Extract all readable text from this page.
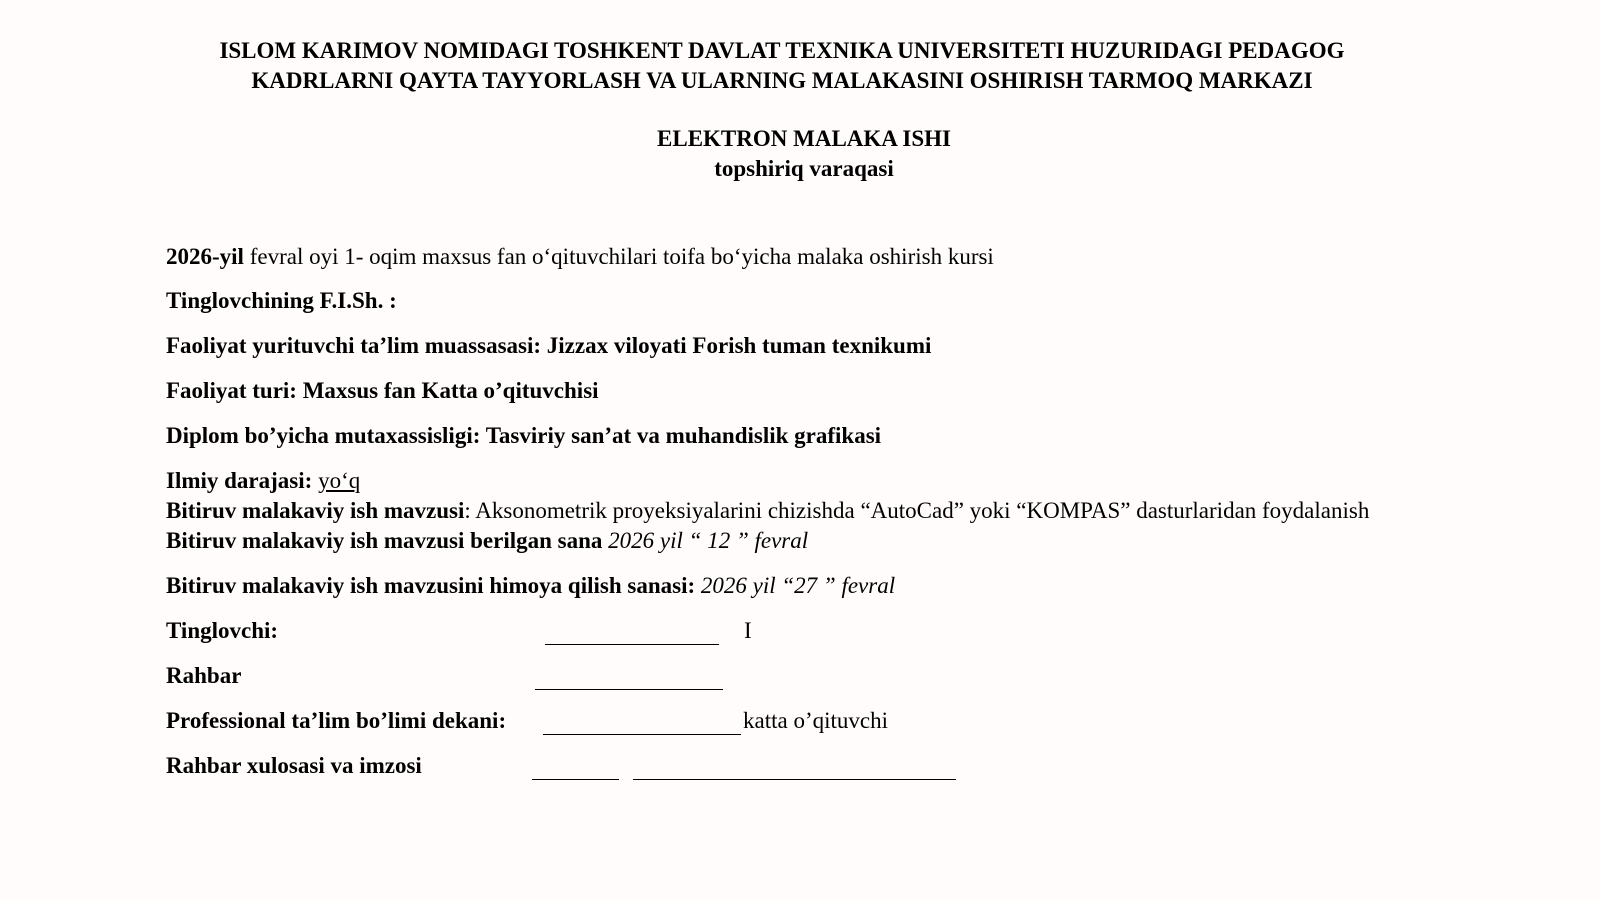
ISLOM KARIMOV NOMIDAGI TOSHKENT DAVLAT TEXNIKA UNIVERSITETI HUZURIDAGI PEDAGOG
KADRLARNI QAYTA TAYYORLASH VA ULARNING MALAKASINI OSHIRISH TARMOQ MARKAZI
ELEKTRON MALAKA ISHI
topshiriq varaqasi
2026-yil fevral oyi 1- oqim maxsus fan o‘qituvchilari toifa bo‘yicha malaka oshirish kursi
Tinglovchining F.I.Sh. :
Faoliyat yurituvchi ta’lim muassasasi: Jizzax viloyati Forish tuman texnikumi
Faoliyat turi: Maxsus fan Katta o’qituvchisi
Diplom bo’yicha mutaxassisligi: Tasviriy san’at va muhandislik grafikasi
Ilmiy darajasi: yo‘q
Bitiruv malakaviy ish mavzusi: Aksonometrik proyeksiyalarini chizishda “AutoCad” yoki “KOMPAS” dasturlaridan foydalanish
Bitiruv malakaviy ish mavzusi berilgan sana 2026 yil “ 12 ” fevral
Bitiruv malakaviy ish mavzusini himoya qilish sanasi: 2026 yil “27 ” fevral
Tinglovchi:	I
Rahbar
Professional ta’lim bo’limi dekani:	katta o’qituvchi
Rahbar xulosasi va imzosi
